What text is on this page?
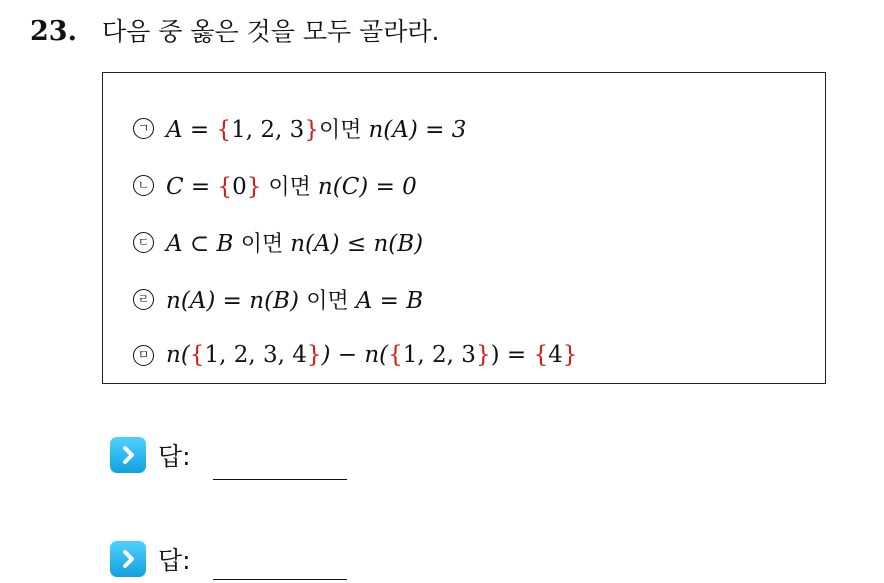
23.	다음 중 옳은 것을 모두 골라라.
ㄱ A = {1, 2, 3}이면 n(A) = 3
ㄴ C = {0} 이면 n(C) = 0
ㄷ A ⊂ B 이면 n(A) ≤ n(B)
ㄹ n(A) = n(B) 이면 A = B
ㅁ n({1, 2, 3, 4}) − n({1, 2, 3}) = {4}
답:
답:
